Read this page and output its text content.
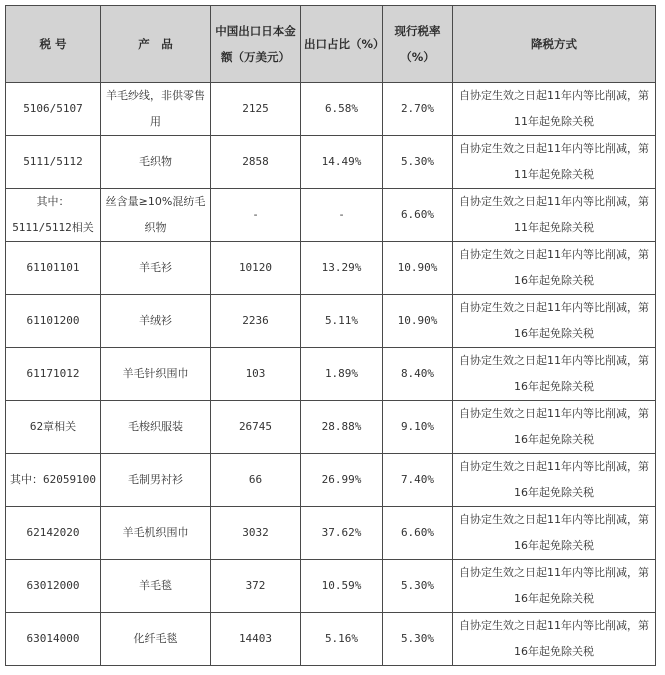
税 号	产　品	中国出口日本金额（万美元）	出口占比（%）	现行税率（%）	降税方式
5106/5107	羊毛纱线，非供零售用	2125	6.58%	2.70%	自协定生效之日起11年内等比削减，第11年起免除关税
5111/5112	毛织物	2858	14.49%	5.30%	自协定生效之日起11年内等比削减，第11年起免除关税
其中：5111/5112相关	丝含量≥10%混纺毛织物	-	-	6.60%	自协定生效之日起11年内等比削减，第11年起免除关税
61101101	羊毛衫	10120	13.29%	10.90%	自协定生效之日起11年内等比削减，第16年起免除关税
61101200	羊绒衫	2236	5.11%	10.90%	自协定生效之日起11年内等比削减，第16年起免除关税
61171012	羊毛针织围巾	103	1.89%	8.40%	自协定生效之日起11年内等比削减，第16年起免除关税
62章相关	毛梭织服装	26745	28.88%	9.10%	自协定生效之日起11年内等比削减，第16年起免除关税
其中：62059100	毛制男衬衫	66	26.99%	7.40%	自协定生效之日起11年内等比削减，第16年起免除关税
62142020	羊毛机织围巾	3032	37.62%	6.60%	自协定生效之日起11年内等比削减，第16年起免除关税
63012000	羊毛毯	372	10.59%	5.30%	自协定生效之日起11年内等比削减，第16年起免除关税
63014000	化纤毛毯	14403	5.16%	5.30%	自协定生效之日起11年内等比削减，第16年起免除关税
